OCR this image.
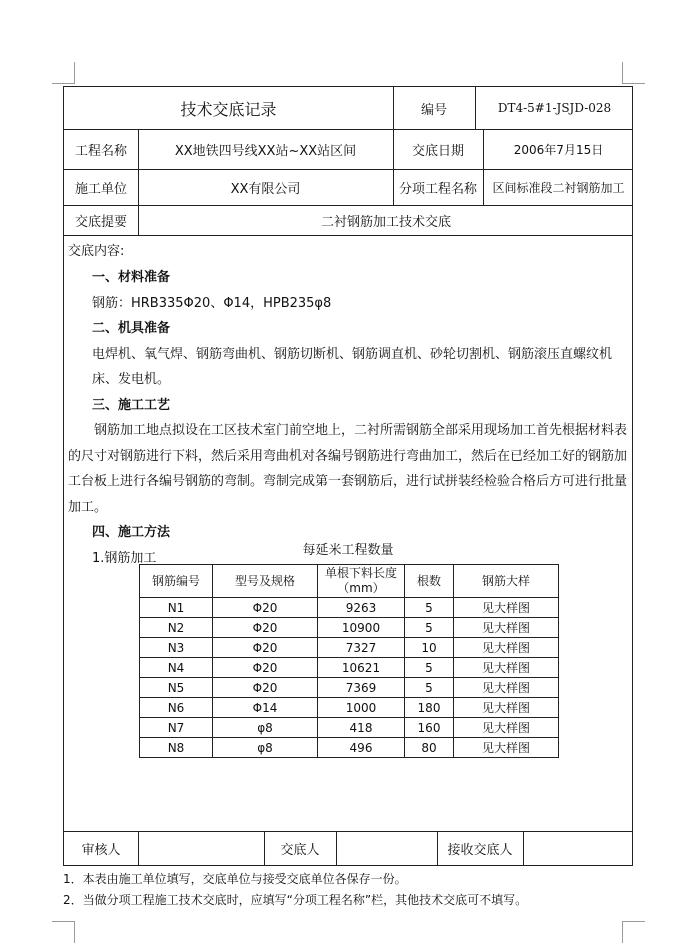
技术交底记录	编号	DT4-5#1-JSJD-028
工程名称	XX地铁四号线XX站~XX站区间	交底日期	2006年7月15日
施工单位	XX有限公司	分项工程名称	区间标准段二衬钢筋加工
交底提要	二衬钢筋加工技术交底

交底内容:

一、材料准备

钢筋：HRB335Φ20、Φ14，HPB235φ8

二、机具准备

电焊机、氧气焊、钢筋弯曲机、钢筋切断机、钢筋调直机、砂轮切割机、钢筋滚压直螺纹机床、发电机。

三、施工工艺

钢筋加工地点拟设在工区技术室门前空地上，二衬所需钢筋全部采用现场加工首先根据材料表的尺寸对钢筋进行下料，然后采用弯曲机对各编号钢筋进行弯曲加工，然后在已经加工好的钢筋加工台板上进行各编号钢筋的弯制。弯制完成第一套钢筋后，进行试拼装经检验合格后方可进行批量加工。

四、施工方法

1.钢筋加工	每延米工程数量
钢筋编号	型号及规格	单根下料长度（mm）	根数	钢筋大样
N1	Φ20	9263	5	见大样图
N2	Φ20	10900	5	见大样图
N3	Φ20	7327	10	见大样图
N4	Φ20	10621	5	见大样图
N5	Φ20	7369	5	见大样图
N6	Φ14	1000	180	见大样图
N7	φ8	418	160	见大样图
N8	φ8	496	80	见大样图
审核人	交底人	接收交底人
1．本表由施工单位填写，交底单位与接受交底单位各保存一份。
2．当做分项工程施工技术交底时，应填写“分项工程名称”栏，其他技术交底可不填写。
